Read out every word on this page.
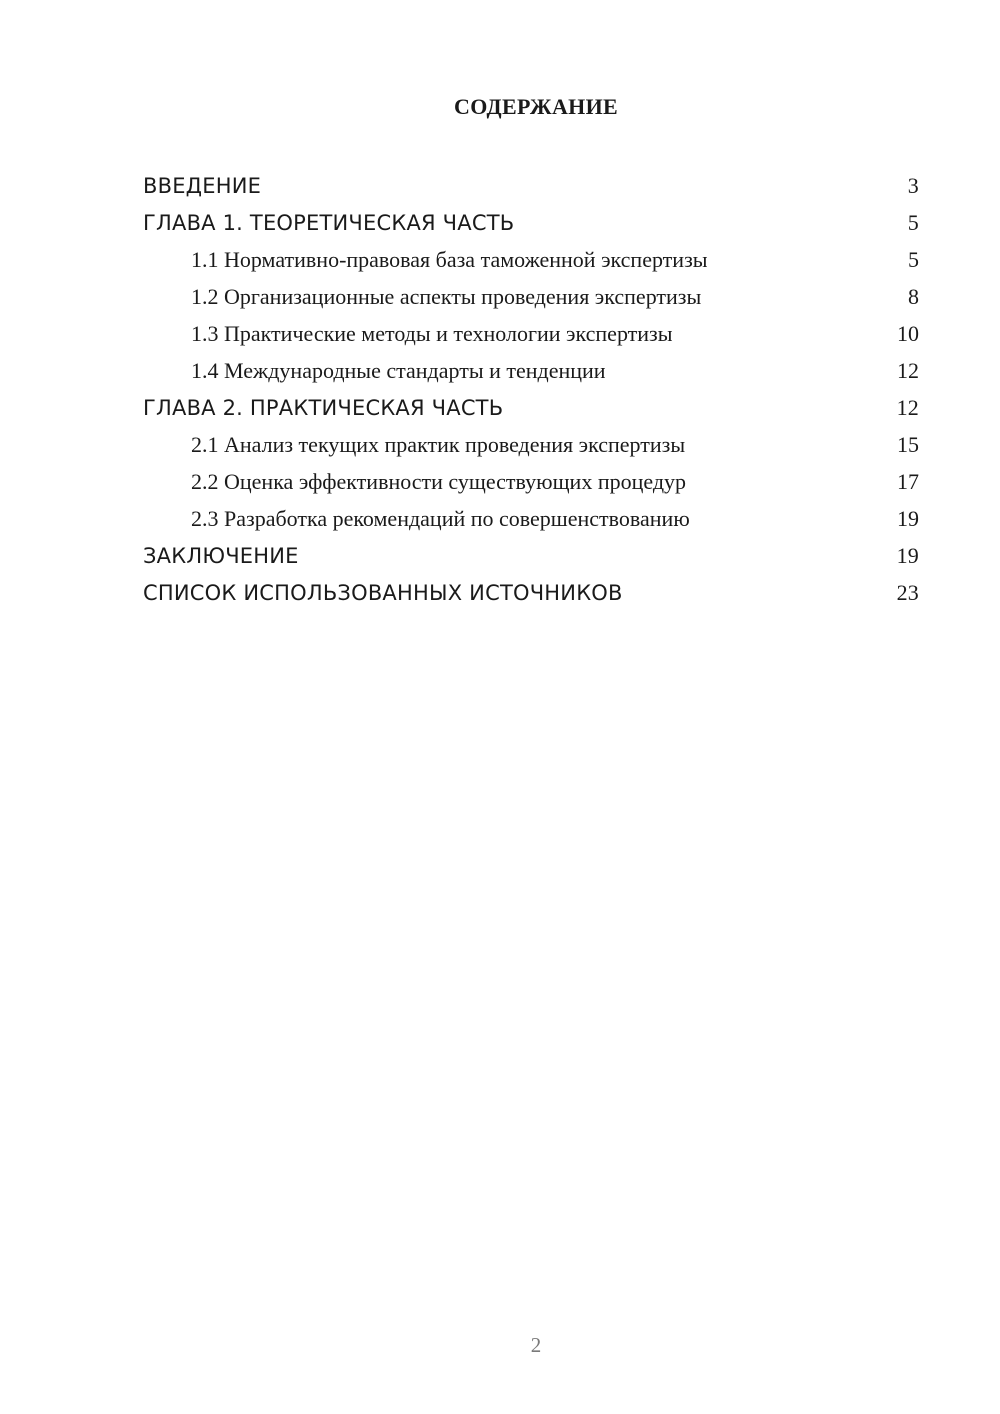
СОДЕРЖАНИЕ
ВВЕДЕНИЕ	3
ГЛАВА 1. ТЕОРЕТИЧЕСКАЯ ЧАСТЬ	5
1.1 Нормативно-правовая база таможенной экспертизы	5
1.2 Организационные аспекты проведения экспертизы	8
1.3 Практические методы и технологии экспертизы	10
1.4 Международные стандарты и тенденции	12
ГЛАВА 2. ПРАКТИЧЕСКАЯ ЧАСТЬ	12
2.1 Анализ текущих практик проведения экспертизы	15
2.2 Оценка эффективности существующих процедур	17
2.3 Разработка рекомендаций по совершенствованию	19
ЗАКЛЮЧЕНИЕ	19
СПИСОК ИСПОЛЬЗОВАННЫХ ИСТОЧНИКОВ	23
2
